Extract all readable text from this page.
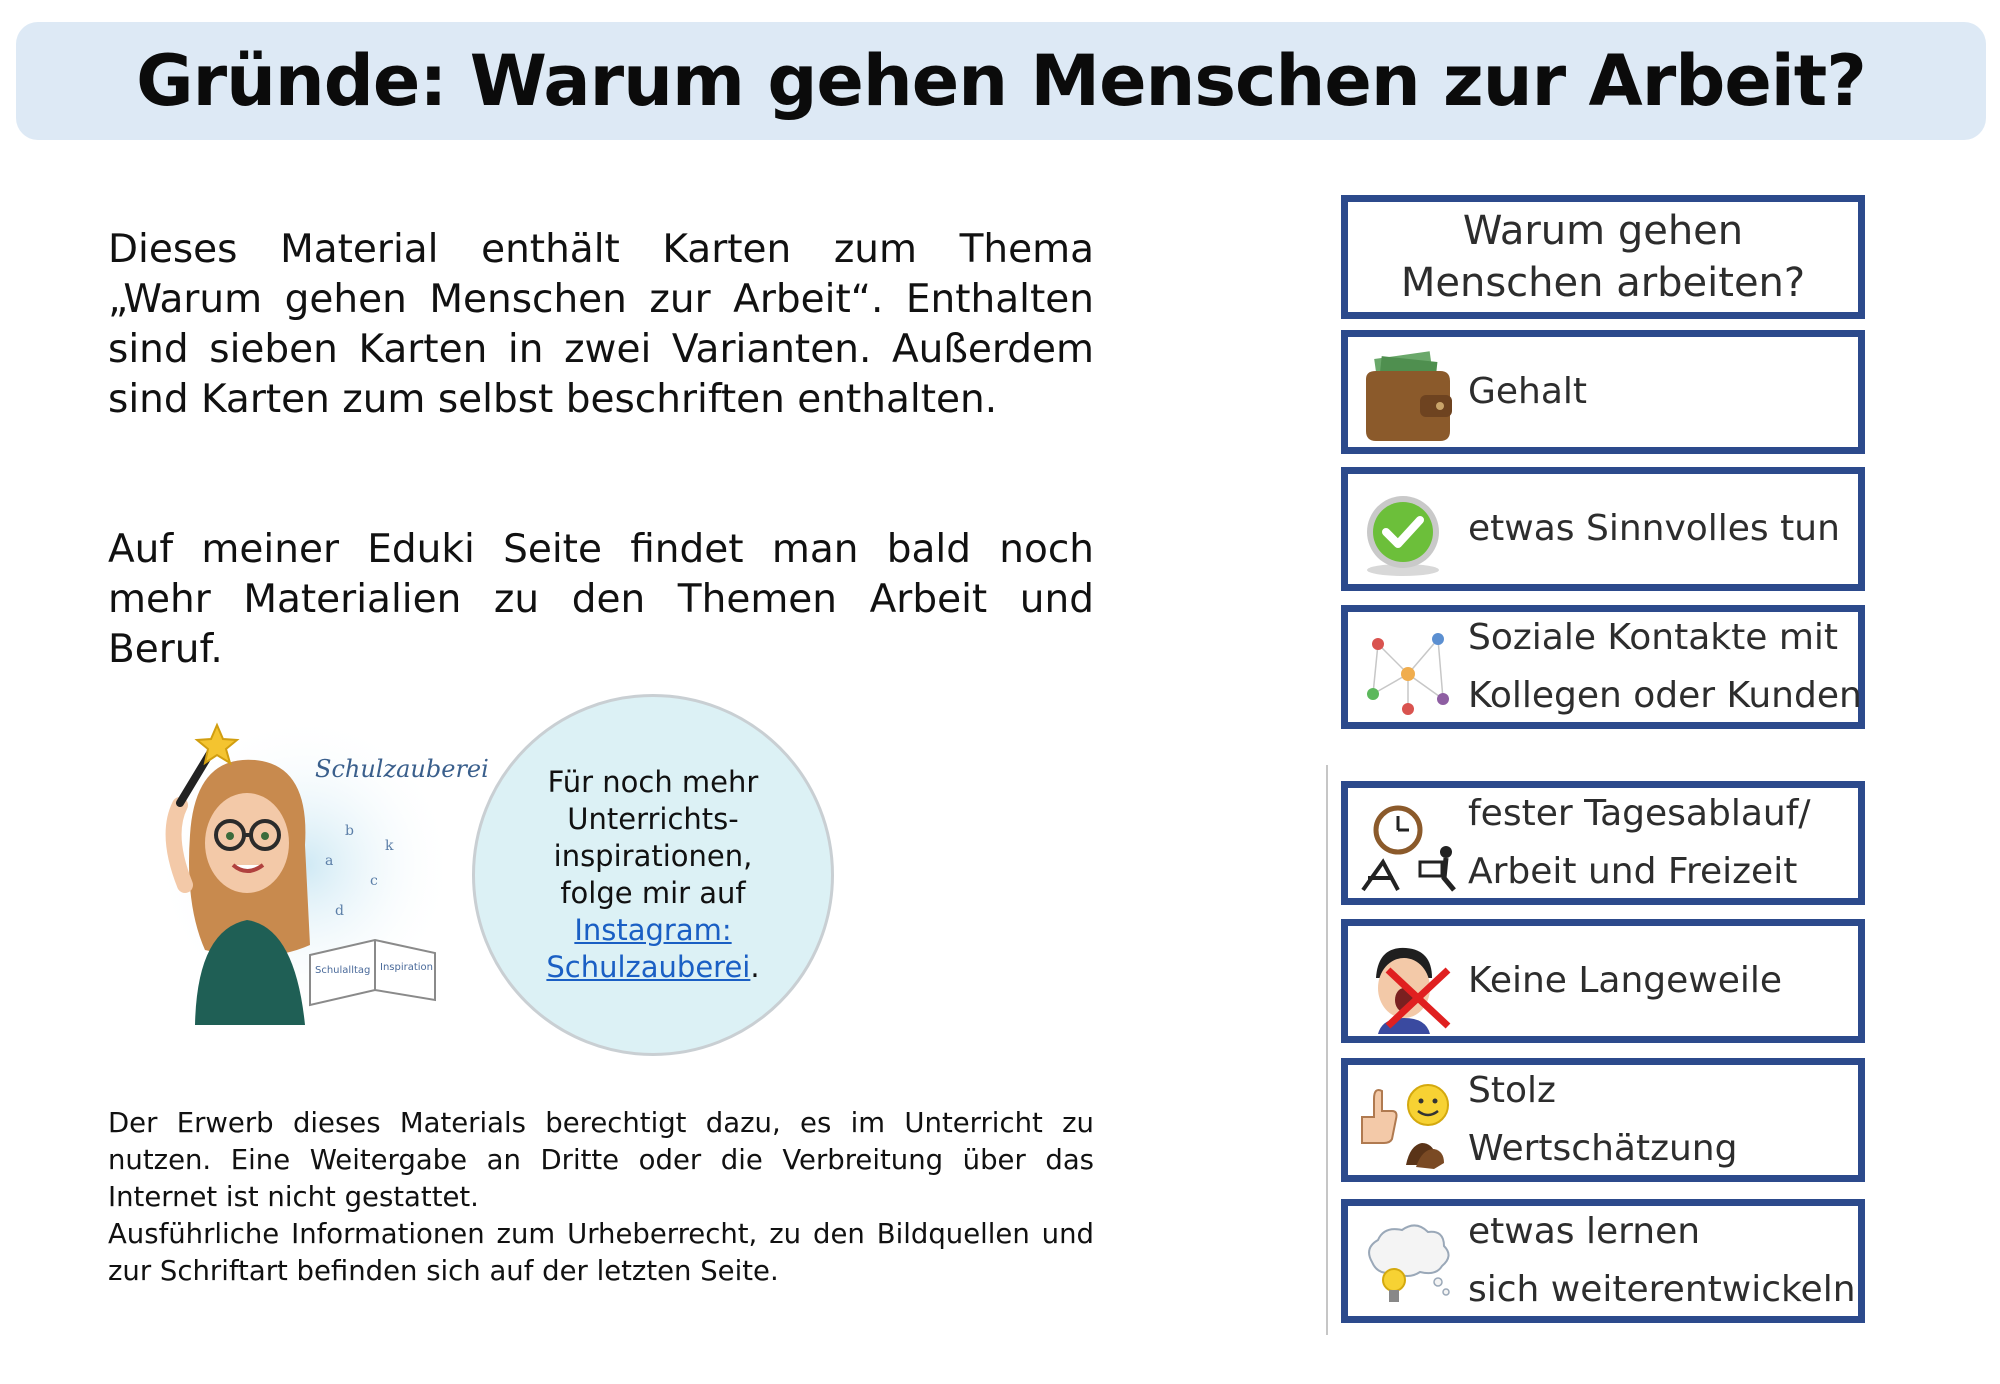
Gründe: Warum gehen Menschen zur Arbeit?

Dieses Material enthält Karten zum Thema „Warum gehen Menschen zur Arbeit“. Enthalten sind sieben Karten in zwei Varianten. Außerdem sind Karten zum selbst beschriften enthalten.

Auf meiner Eduki Seite findet man bald noch mehr Materialien zu den Themen Arbeit und Beruf.

Schulalltag Inspiration
a
b
c
d
k
Schulzauberei Für noch mehr
Unterrichts-
inspirationen,
folge mir auf
Instagram:
Schulzauberei.

Der Erwerb dieses Materials berechtigt dazu, es im Unterricht zu nutzen. Eine Weitergabe an Dritte oder die Verbreitung über das Internet ist nicht gestattet.

Ausführliche Informationen zum Urheberrecht, zu den Bildquellen und zur Schriftart befinden sich auf der letzten Seite.

Warum gehen
Menschen arbeiten?
Gehalt
etwas Sinnvolles tun
Soziale Kontakte mit
Kollegen oder Kunden
fester Tagesablauf/
Arbeit und Freizeit
Keine Langeweile
Stolz
Wertschätzung
etwas lernen
sich weiterentwickeln
